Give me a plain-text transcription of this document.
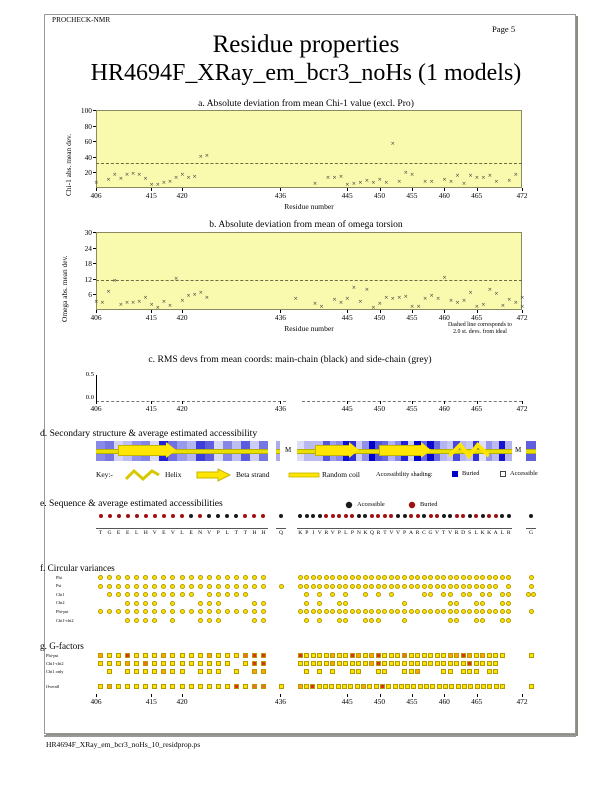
PROCHECK-NMR
Page 5
Residue properties
HR4694F_XRay_em_bcr3_noHs (1 models)
a. Absolute deviation from mean Chi-1 value (excl. Pro)
Chi-1 abs. mean dev.
100
80
60
40
20
406	415	420	436	445	450	455	460	465	472
Residue number
b. Absolute deviation from mean of omega torsion
Omega abs. mean dev.
30
24
18
12
6
406	415	420	436	445	450	455	460	465	472
Residue number	Dashed line corresponds to
2.0 st. devs. from ideal
c. RMS devs from mean coords: main-chain (black) and side-chain (grey)
0.5
0.0
406	415	420	436	445	450	455	460	465	472
d. Secondary structure & average estimated accessibility
M	M
Key:-	Helix	Beta strand	Random coil	Accessibility shading:	Buried	Accessible
e. Sequence & average estimated accessibilities	Accessible	Buried
T G E	E	L H V E V L	E N V P	L	T	T H H	Q	K P I V R V P L P N K Q R T V V P A R C G V T V R D S L K K A L R	G
f. Circular variances
Phi
Psi
Chi1
Chi2
Phi-psi
Chi1-chi2
g. G-factors
Phi-psi
Chi1-chi2
Chi1 only
Overall
406	415	420	436	445	450	455	460	465	472
HR4694F_XRay_em_bcr3_noHs_10_residprop.ps
×
×
×
×
× × ×
×
× × × ×
× ×
× ×
× ×
×
× × ×
× × × × ×
×
×
×
×
× ×
× × × ×
×
×
× × × ×
× ×
×
× ×
×
×
× × × ×
×
×
×
×
×
×
×
× × ×
×	×
×
×
× ×
×
×
×
×
×
×
× × × ×
× ×
×
× ×
×
× × ×
×
× ×
×
×
×
×
×
×
×
